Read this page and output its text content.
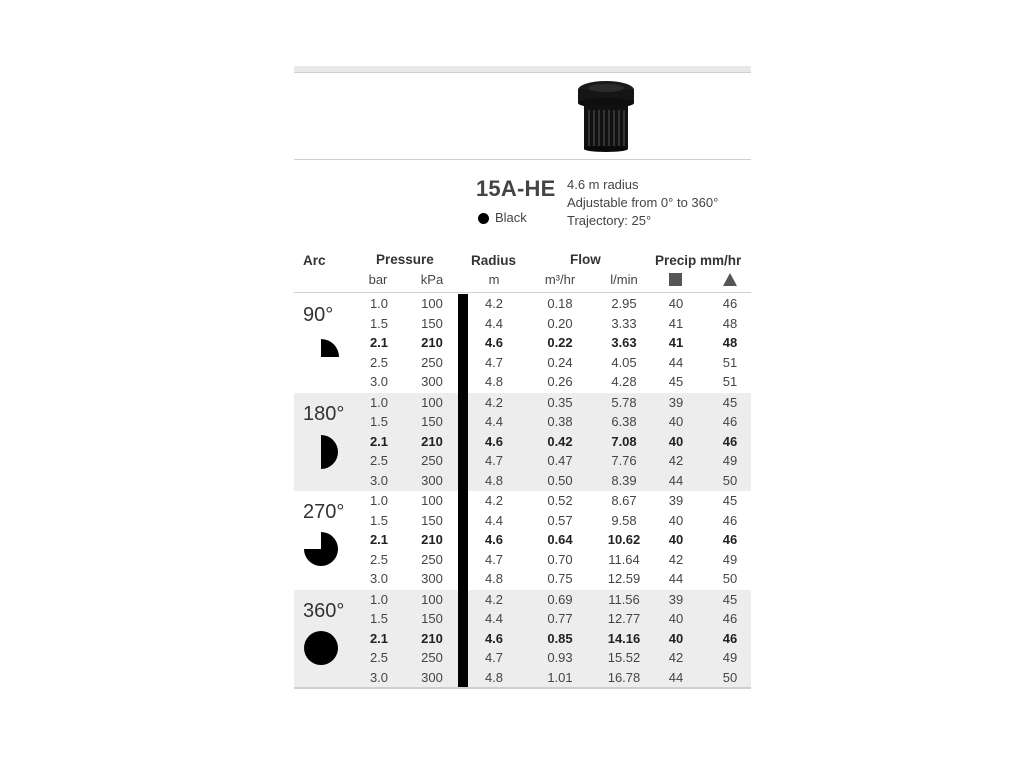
15A-HE
Black
4.6 m radius
Adjustable from 0° to 360°
Trajectory: 25°
Arc	Pressure	Radius	Flow	Precip mm/hr
bar	kPa	m	m³/hr	l/min
90°
1.0	100	4.2	0.18	2.95	40	46
1.5	150	4.4	0.20	3.33	41	48
2.1	210	4.6	0.22	3.63	41	48
2.5	250	4.7	0.24	4.05	44	51
3.0	300	4.8	0.26	4.28	45	51
180°
1.0	100	4.2	0.35	5.78	39	45
1.5	150	4.4	0.38	6.38	40	46
2.1	210	4.6	0.42	7.08	40	46
2.5	250	4.7	0.47	7.76	42	49
3.0	300	4.8	0.50	8.39	44	50
270°
1.0	100	4.2	0.52	8.67	39	45
1.5	150	4.4	0.57	9.58	40	46
2.1	210	4.6	0.64	10.62	40	46
2.5	250	4.7	0.70	11.64	42	49
3.0	300	4.8	0.75	12.59	44	50
360°
1.0	100	4.2	0.69	11.56	39	45
1.5	150	4.4	0.77	12.77	40	46
2.1	210	4.6	0.85	14.16	40	46
2.5	250	4.7	0.93	15.52	42	49
3.0	300	4.8	1.01	16.78	44	50
